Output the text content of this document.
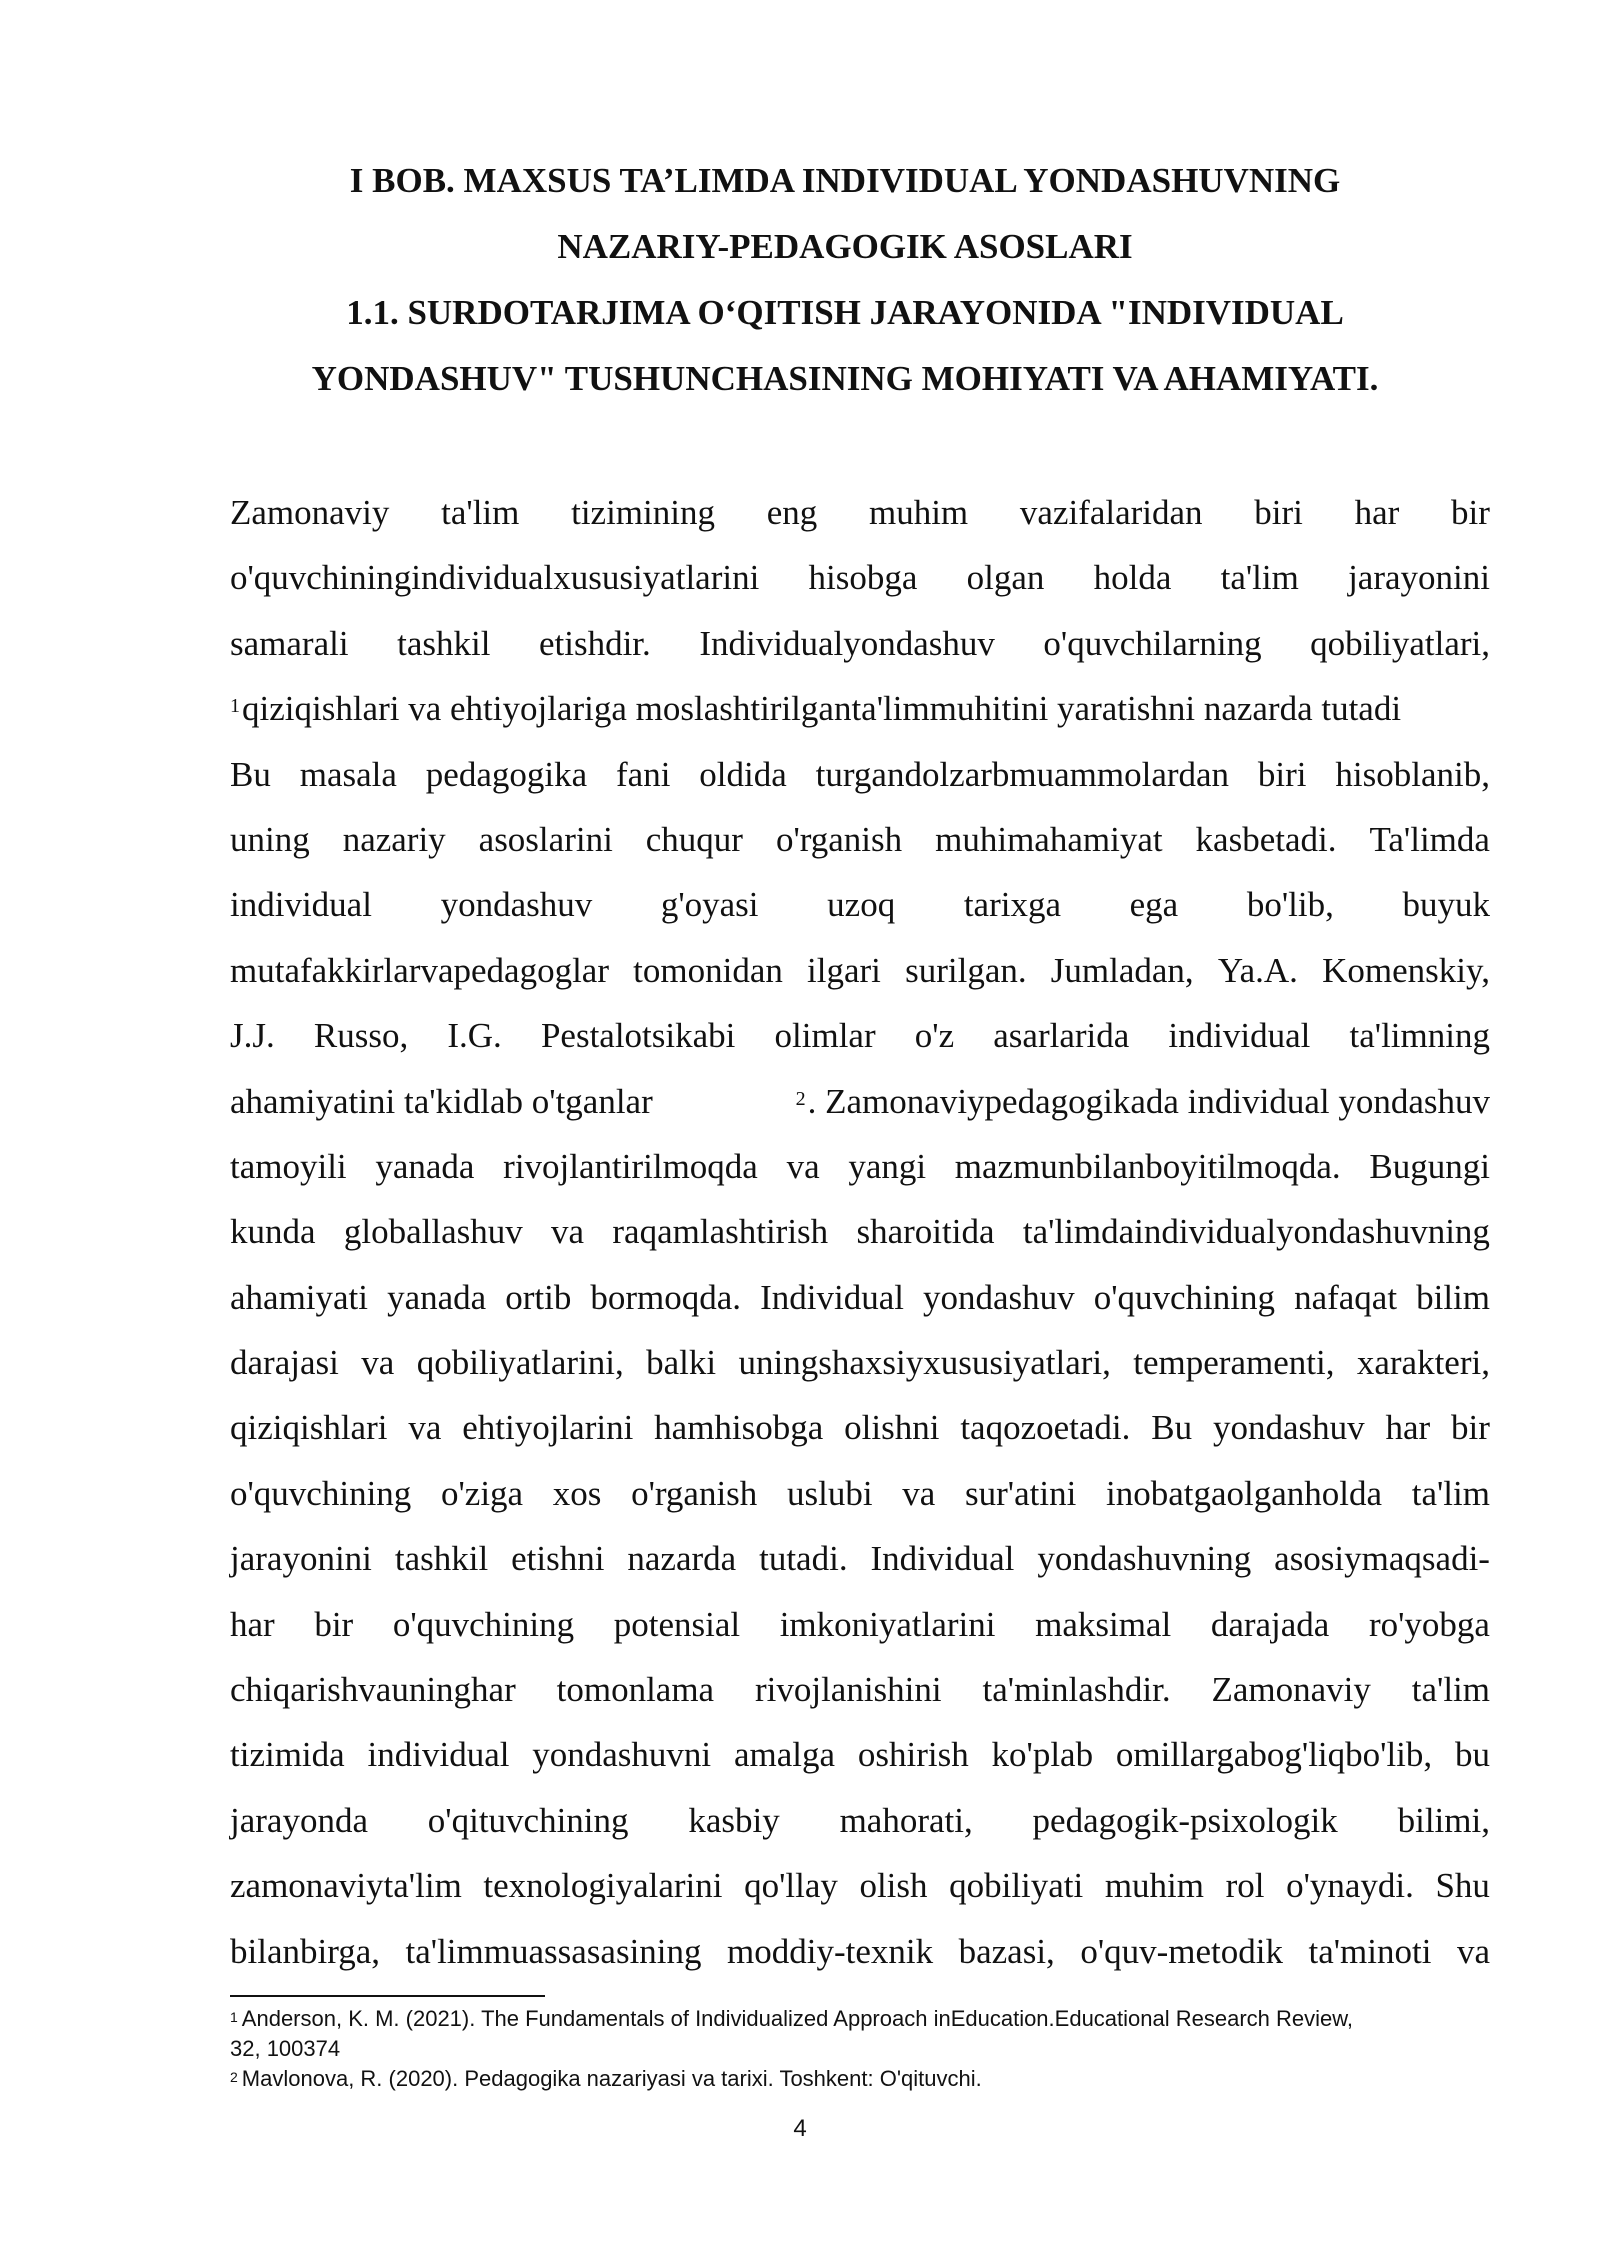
I BOB. MAXSUS TA’LIMDA INDIVIDUAL YONDASHUVNING
NAZARIY-PEDAGOGIK ASOSLARI
1.1. SURDOTARJIMA O‘QITISH JARAYONIDA "INDIVIDUAL
YONDASHUV" TUSHUNCHASINING MOHIYATI VA AHAMIYATI.
Zamonaviy ta'lim tizimining eng muhim vazifalaridan biri har bir
o'quvchiningindividualxususiyatlarini hisobga olgan holda ta'lim jarayonini
samarali tashkil etishdir. Individualyondashuv o'quvchilarning qobiliyatlari,
$^1$qiziqishlari va ehtiyojlariga moslashtirilganta'limmuhitini yaratishni nazarda tutadi
Bu masala pedagogika fani oldida turgandolzarbmuammolardan biri hisoblanib,
uning nazariy asoslarini chuqur o'rganish muhimahamiyat kasbetadi. Ta'limda
individual yondashuv g'oyasi uzoq tarixga ega bo'lib, buyuk
mutafakkirlarvapedagoglar tomonidan ilgari surilgan. Jumladan, Ya.A. Komenskiy,
J.J. Russo, I.G. Pestalotsikabi olimlar o'z asarlarida individual ta'limning
ahamiyatini ta'kidlab o'tganlar	$^2$. Zamonaviypedagogikada individual yondashuv
tamoyili yanada rivojlantirilmoqda va yangi mazmunbilanboyitilmoqda. Bugungi
kunda globallashuv va raqamlashtirish sharoitida ta'limdaindividualyondashuvning
ahamiyati yanada ortib bormoqda. Individual yondashuv o'quvchining nafaqat bilim
darajasi va qobiliyatlarini, balki uningshaxsiyxususiyatlari, temperamenti, xarakteri,
qiziqishlari va ehtiyojlarini hamhisobga olishni taqozoetadi. Bu yondashuv har bir
o'quvchining o'ziga xos o'rganish uslubi va sur'atini inobatgaolganholda ta'lim
jarayonini tashkil etishni nazarda tutadi. Individual yondashuvning asosiymaqsadi-
har bir o'quvchining potensial imkoniyatlarini maksimal darajada ro'yobga
chiqarishvauninghar tomonlama rivojlanishini ta'minlashdir. Zamonaviy ta'lim
tizimida individual yondashuvni amalga oshirish ko'plab omillargabog'liqbo'lib, bu
jarayonda o'qituvchining kasbiy mahorati, pedagogik-psixologik bilimi,
zamonaviyta'lim texnologiyalarini qo'llay olish qobiliyati muhim rol o'ynaydi. Shu
bilanbirga, ta'limmuassasasining moddiy-texnik bazasi, o'quv-metodik ta'minoti va
$^1$ Anderson, K. M. (2021). The Fundamentals of Individualized Approach inEducation.Educational Research Review,
32, 100374
$^2$ Mavlonova, R. (2020). Pedagogika nazariyasi va tarixi. Toshkent: O'qituvchi.
4
